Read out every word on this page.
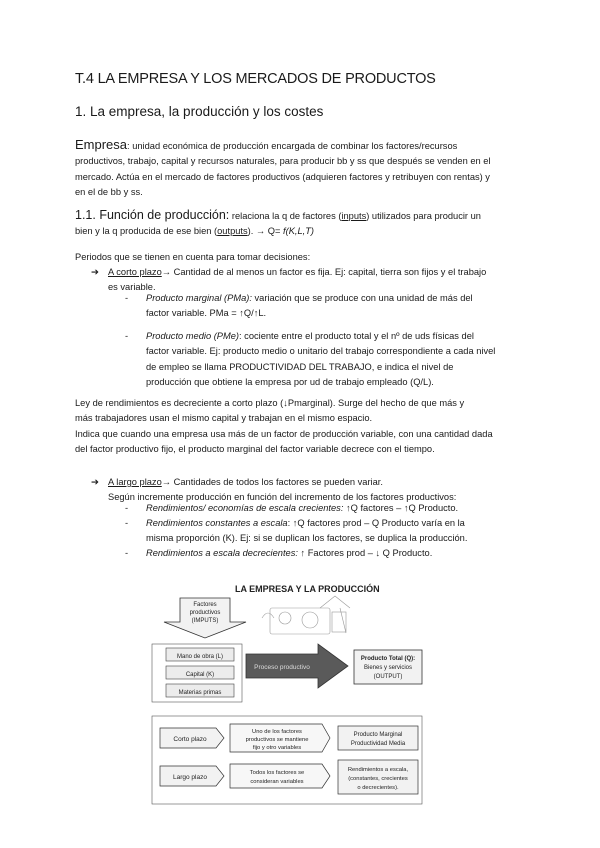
T.4 LA EMPRESA Y LOS MERCADOS DE PRODUCTOS
1. La empresa, la producción y los costes
Empresa: unidad económica de producción encargada de combinar los factores/recursos
productivos, trabajo, capital y recursos naturales, para producir bb y ss que después se venden en el
mercado. Actúa en el mercado de factores productivos (adquieren factores y retribuyen con rentas) y
en el de bb y ss.
1.1. Función de producción: relaciona la q de factores (inputs) utilizados para producir un
bien y la q producida de ese bien (outputs). → Q= f(K,L,T)
Periodos que se tienen en cuenta para tomar decisiones:
➔ A corto plazo→ Cantidad de al menos un factor es fija. Ej: capital, tierra son fijos y el trabajo
es variable.
- Producto marginal (PMa): variación que se produce con una unidad de más del
factor variable. PMa = ↑Q/↑L.
- Producto medio (PMe): cociente entre el producto total y el nº de uds físicas del
factor variable. Ej: producto medio o unitario del trabajo correspondiente a cada nivel
de empleo se llama PRODUCTIVIDAD DEL TRABAJO, e indica el nivel de
producción que obtiene la empresa por ud de trabajo empleado (Q/L).
Ley de rendimientos es decreciente a corto plazo (↓Pmarginal). Surge del hecho de que más y
más trabajadores usan el mismo capital y trabajan en el mismo espacio.
Indica que cuando una empresa usa más de un factor de producción variable, con una cantidad dada
del factor productivo fijo, el producto marginal del factor variable decrece con el tiempo.
➔ A largo plazo→ Cantidades de todos los factores se pueden variar.
Según incremente producción en función del incremento de los factores productivos:
- Rendimientos/ economías de escala crecientes: ↑Q factores – ↑Q Producto.
- Rendimientos constantes a escala: ↑Q factores prod – Q Producto varía en la
misma proporción (K). Ej: si se duplican los factores, se duplica la producción.
- Rendimientos a escala decrecientes: ↑ Factores prod – ↓ Q Producto.
LA EMPRESA Y LA PRODUCCIÓN
Factores
productivos
(IMPUTS)
Mano de obra (L)
Capital (K)
Materias primas
Proceso productivo
Producto Total (Q):
Bienes y servicios
(OUTPUT)
Corto plazo
Uno de los factores
productivos se mantiene
fijo y otro variables
Producto Marginal
Productividad Media
Largo plazo
Todos los factores se
consideran variables
Rendimientos a escala,
(constantes, crecientes
o decrecientes).
